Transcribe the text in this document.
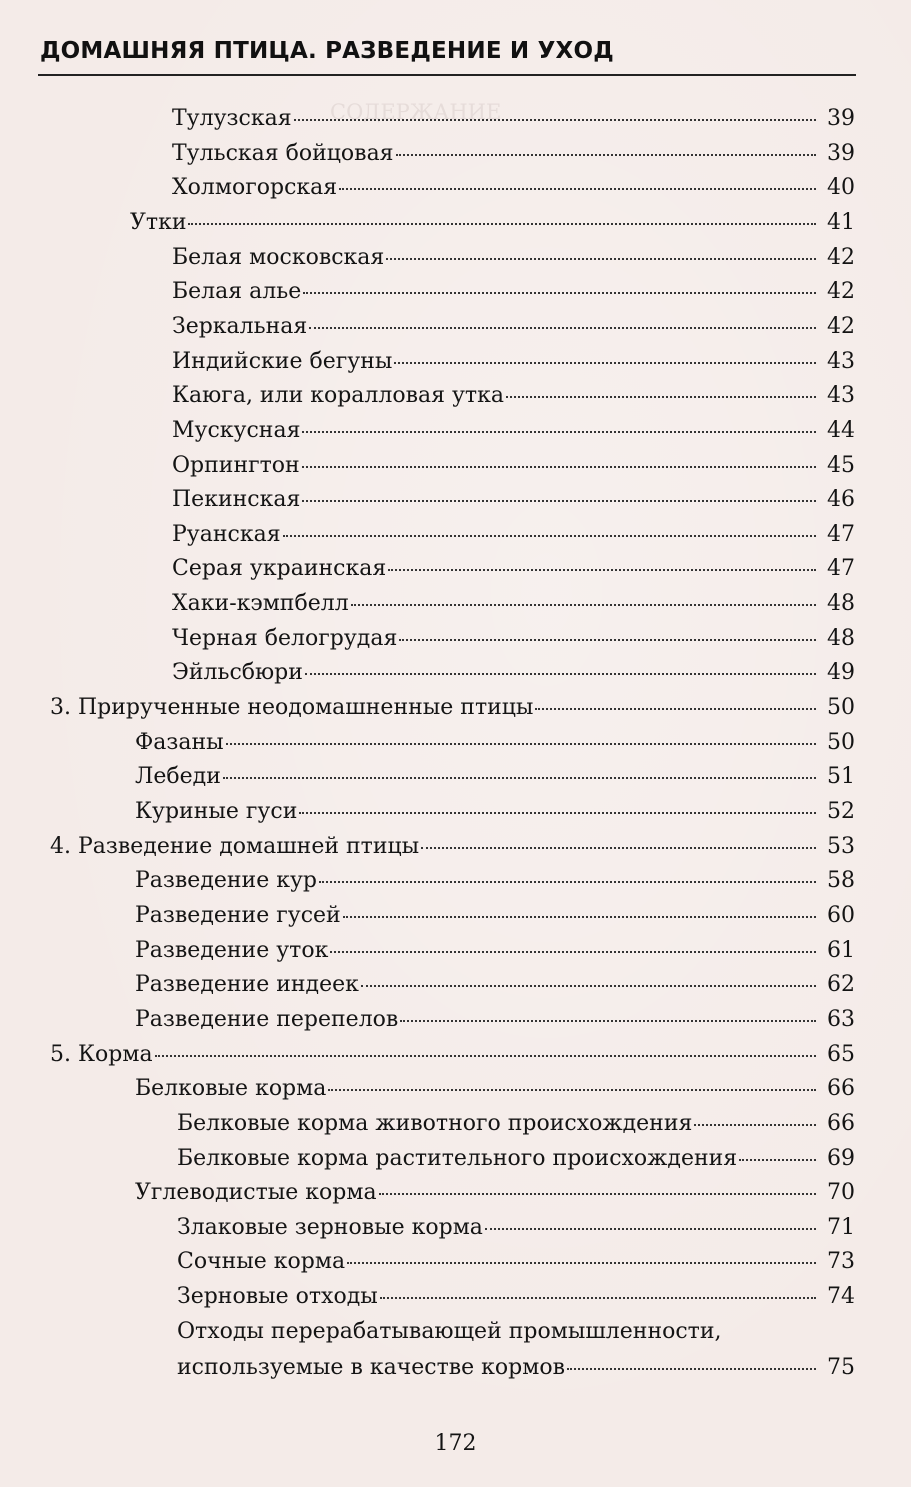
СОДЕРЖАНИЕ
ДОМАШНЯЯ ПТИЦА. РАЗВЕДЕНИЕ И УХОД
Тулузская	39
Тульская бойцовая	39
Холмогорская	40
Утки	41
Белая московская	42
Белая алье	42
Зеркальная	42
Индийские бегуны	43
Каюга, или коралловая утка	43
Мускусная	44
Орпингтон	45
Пекинская	46
Руанская	47
Серая украинская	47
Хаки-кэмпбелл	48
Черная белогрудая	48
Эйльсбюри	49
3. Прирученные неодомашненные птицы	50
Фазаны	50
Лебеди	51
Куриные гуси	52
4. Разведение домашней птицы	53
Разведение кур	58
Разведение гусей	60
Разведение уток	61
Разведение индеек	62
Разведение перепелов	63
5. Корма	65
Белковые корма	66
Белковые корма животного происхождения	66
Белковые корма растительного происхождения	69
Углеводистые корма	70
Злаковые зерновые корма	71
Сочные корма	73
Зерновые отходы	74
Отходы перерабатывающей промышленности,
используемые в качестве кормов	75
172
